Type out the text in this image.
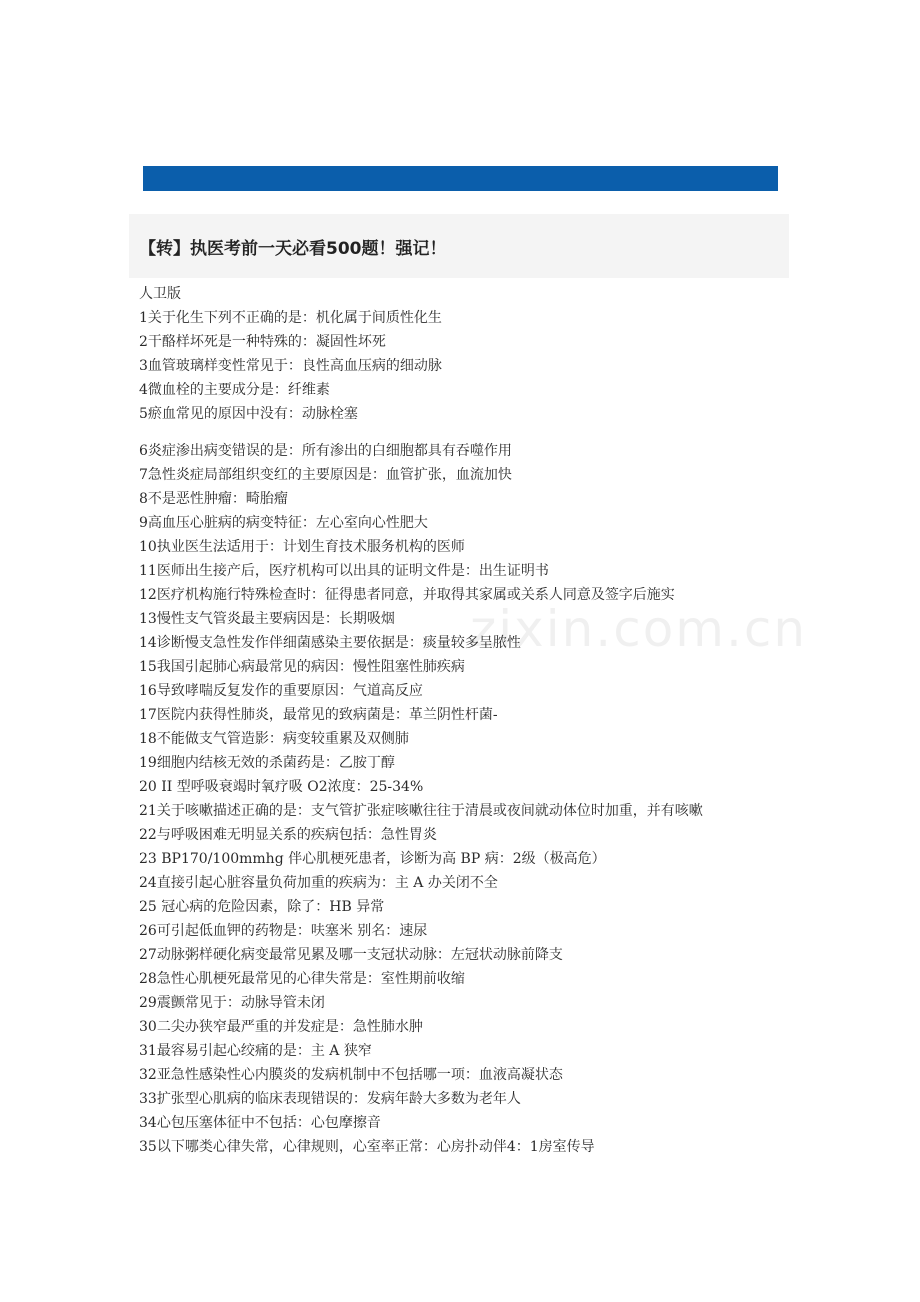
【转】执医考前一天必看500题！强记！
zixin.com.cn
人卫版
1关于化生下列不正确的是：机化属于间质性化生
2干酪样坏死是一种特殊的：凝固性坏死
3血管玻璃样变性常见于：良性高血压病的细动脉
4微血栓的主要成分是：纤维素
5瘀血常见的原因中没有：动脉栓塞
6炎症渗出病变错误的是：所有渗出的白细胞都具有吞噬作用
7急性炎症局部组织变红的主要原因是：血管扩张，血流加快
8不是恶性肿瘤：畸胎瘤
9高血压心脏病的病变特征：左心室向心性肥大
10执业医生法适用于：计划生育技术服务机构的医师
11医师出生接产后，医疗机构可以出具的证明文件是：出生证明书
12医疗机构施行特殊检查时：征得患者同意，并取得其家属或关系人同意及签字后施实
13慢性支气管炎最主要病因是：长期吸烟
14诊断慢支急性发作伴细菌感染主要依据是：痰量较多呈脓性
15我国引起肺心病最常见的病因：慢性阻塞性肺疾病
16导致哮喘反复发作的重要原因：气道高反应
17医院内获得性肺炎，最常见的致病菌是：革兰阴性杆菌-
18不能做支气管造影：病变较重累及双侧肺
19细胞内结核无效的杀菌药是：乙胺丁醇
20 II 型呼吸衰竭时氧疗吸 O2浓度：25-34%
21关于咳嗽描述正确的是：支气管扩张症咳嗽往往于清晨或夜间就动体位时加重，并有咳嗽
22与呼吸困难无明显关系的疾病包括：急性胃炎
23 BP170/100mmhg 伴心肌梗死患者，诊断为高 BP 病：2级（极高危）
24直接引起心脏容量负荷加重的疾病为：主 A 办关闭不全
25 冠心病的危险因素，除了：HB 异常
26可引起低血钾的药物是：呋塞米 别名：速尿
27动脉粥样硬化病变最常见累及哪一支冠状动脉：左冠状动脉前降支
28急性心肌梗死最常见的心律失常是：室性期前收缩
29震颤常见于：动脉导管未闭
30二尖办狭窄最严重的并发症是：急性肺水肿
31最容易引起心绞痛的是：主 A 狭窄
32亚急性感染性心内膜炎的发病机制中不包括哪一项：血液高凝状态
33扩张型心肌病的临床表现错误的：发病年龄大多数为老年人
34心包压塞体征中不包括：心包摩擦音
35以下哪类心律失常，心律规则，心室率正常：心房扑动伴4：1房室传导
